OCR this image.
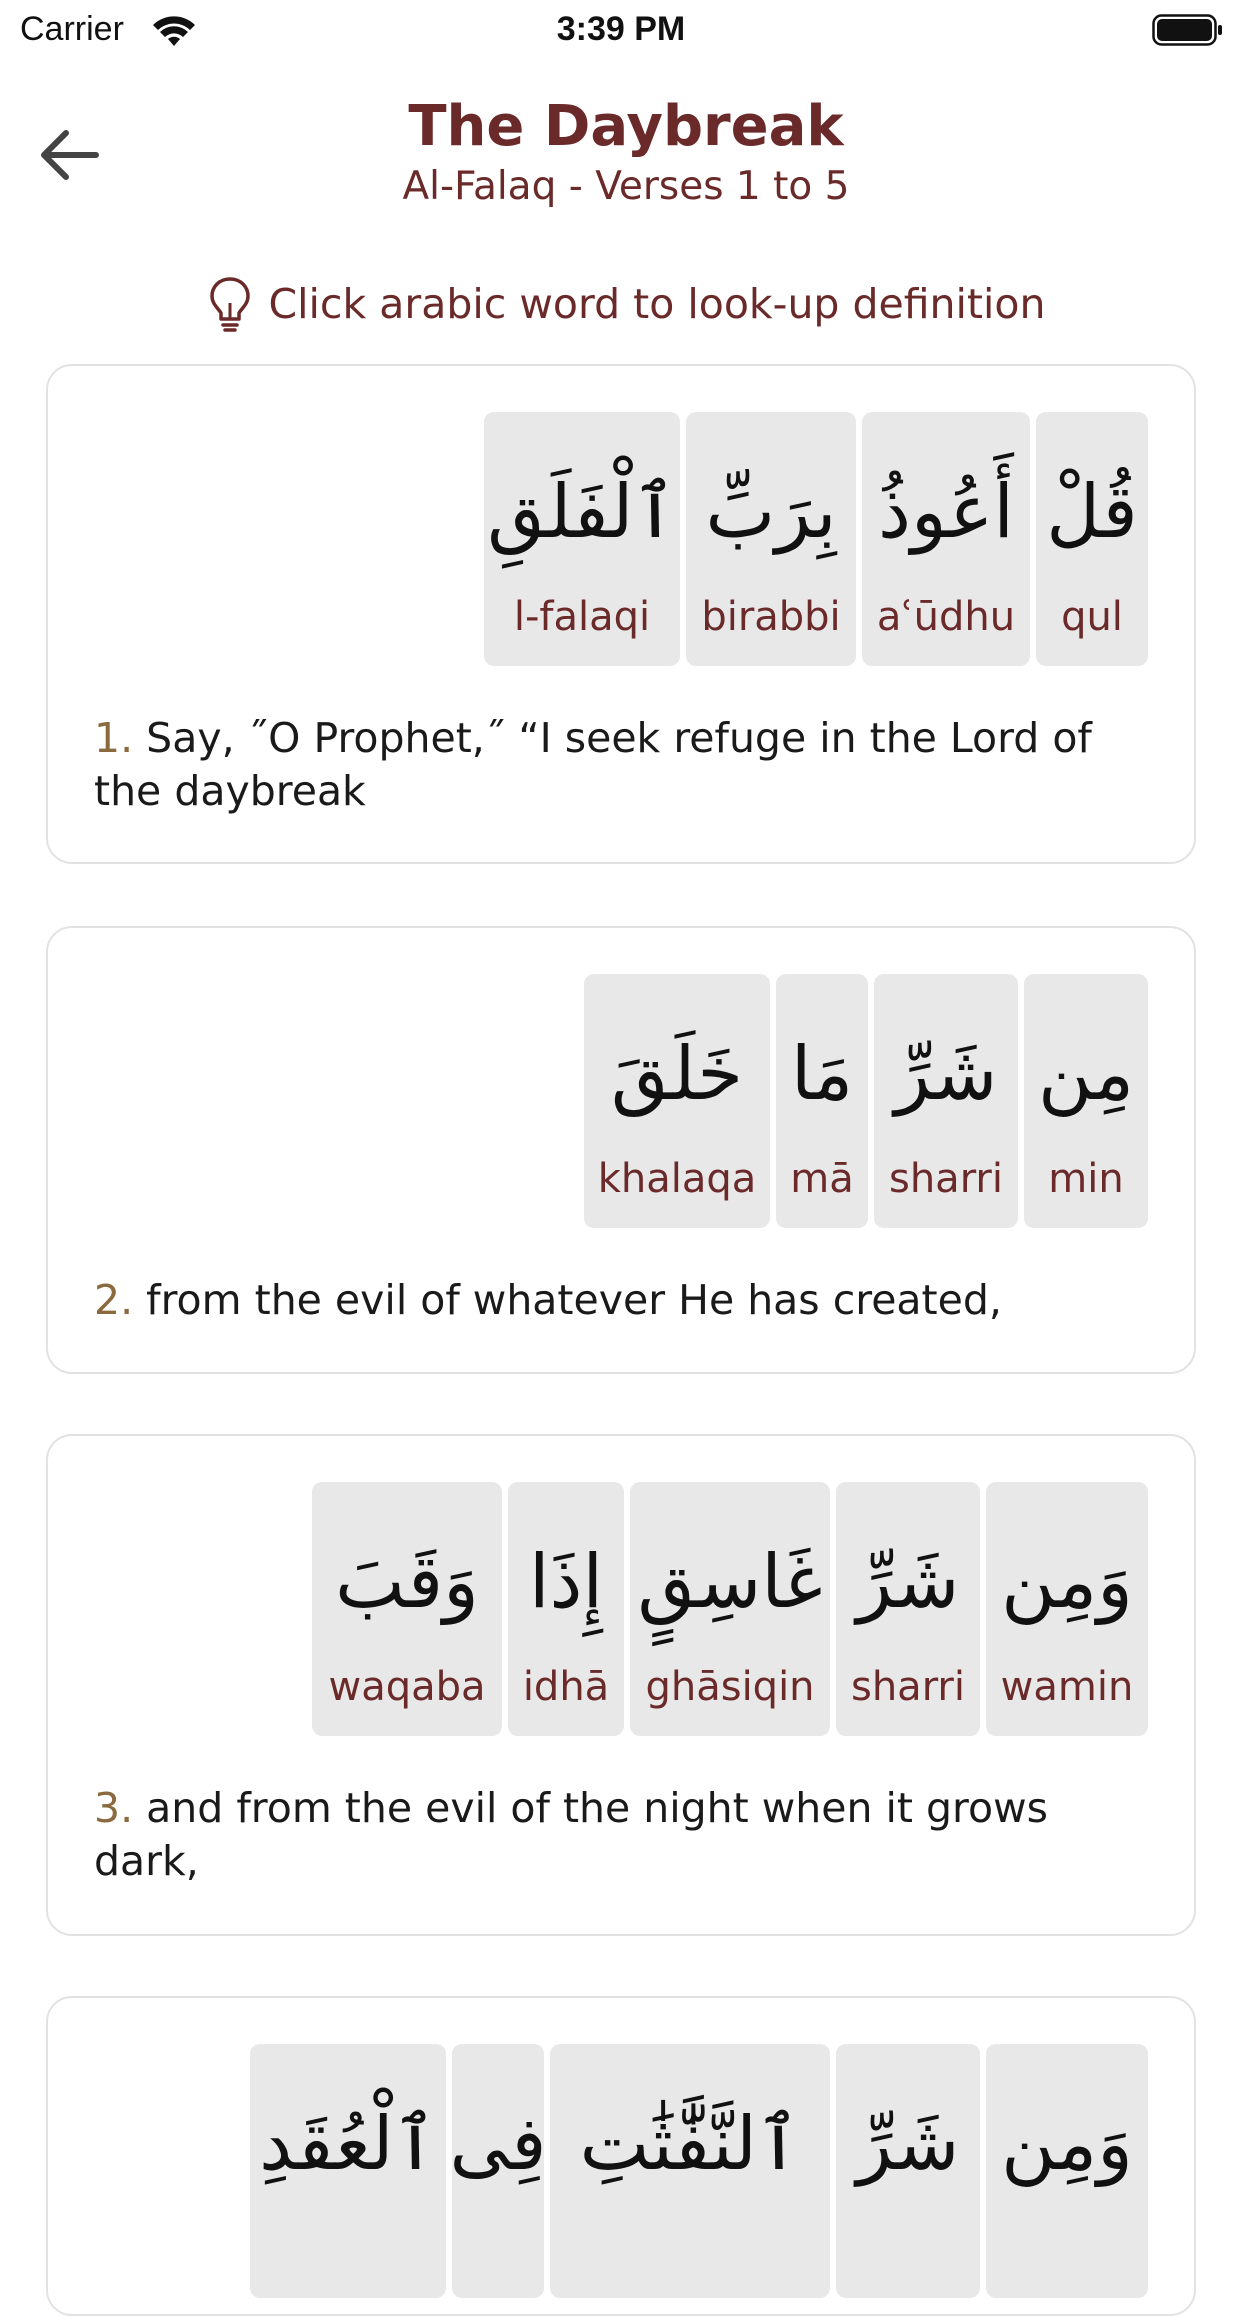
Carrier	3:39 PM
The Daybreak
Al-Falaq - Verses 1 to 5
Click arabic word to look-up definition
قُلْ
qul
أَعُوذُ
aʿūdhu
بِرَبِّ
birabbi
ٱلْفَلَقِ
l-falaqi
1. Say, ˝O Prophet,˝ “I seek refuge in the Lord of the daybreak
مِن
min
شَرِّ
sharri
مَا
mā
خَلَقَ
khalaqa
2. from the evil of whatever He has created,
وَمِن
wamin
شَرِّ
sharri
غَاسِقٍ
ghāsiqin
إِذَا
idhā
وَقَبَ
waqaba
3. and from the evil of the night when it grows dark,
وَمِن
شَرِّ
ٱلنَّفَّٰثَٰتِ
فِى
ٱلْعُقَدِ
